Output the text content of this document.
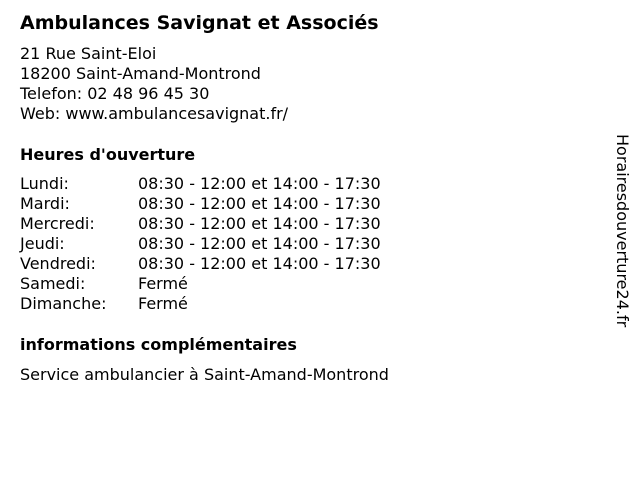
Ambulances Savignat et Associés
21 Rue Saint-Eloi
18200 Saint-Amand-Montrond
Telefon: 02 48 96 45 30
Web: www.ambulancesavignat.fr/
Heures d'ouverture
Lundi:	08:30 - 12:00 et 14:00 - 17:30
Mardi:	08:30 - 12:00 et 14:00 - 17:30
Mercredi:	08:30 - 12:00 et 14:00 - 17:30
Jeudi:	08:30 - 12:00 et 14:00 - 17:30
Vendredi:	08:30 - 12:00 et 14:00 - 17:30
Samedi:	Fermé
Dimanche: Fermé
informations complémentaires
Service ambulancier à Saint-Amand-Montrond
Horairesdouverture24.fr
